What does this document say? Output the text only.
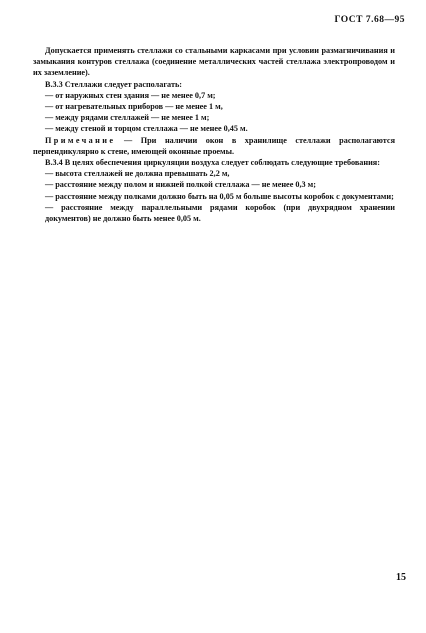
ГОСТ 7.68—95

Допускается применять стеллажи со стальными каркасами при условии размагничивания и замыкания контуров стеллажа (соединение металлических частей стеллажа электропроводом и их заземление).

В.3.3 Стеллажи следует располагать:

— от наружных стен здания — не менее 0,7 м;

— от нагревательных приборов — не менее 1 м,

— между рядами стеллажей — не менее 1 м;

— между стеной и торцом стеллажа — не менее 0,45 м.

Примечание — При наличии окон в хранилище стеллажи располагаются перпендикулярно к стене, имеющей оконные проемы.

В.3.4 В целях обеспечения циркуляции воздуха следует соблюдать следующие требования:

— высота стеллажей не должна превышать 2,2 м,

— расстояние между полом и нижней полкой стеллажа — не менее 0,3 м;

— расстояние между полками должно быть на 0,05 м больше высоты коробок с документами;

— расстояние между параллельными рядами коробок (при двухрядном хранении документов) не должно быть менее 0,05 м.

15
